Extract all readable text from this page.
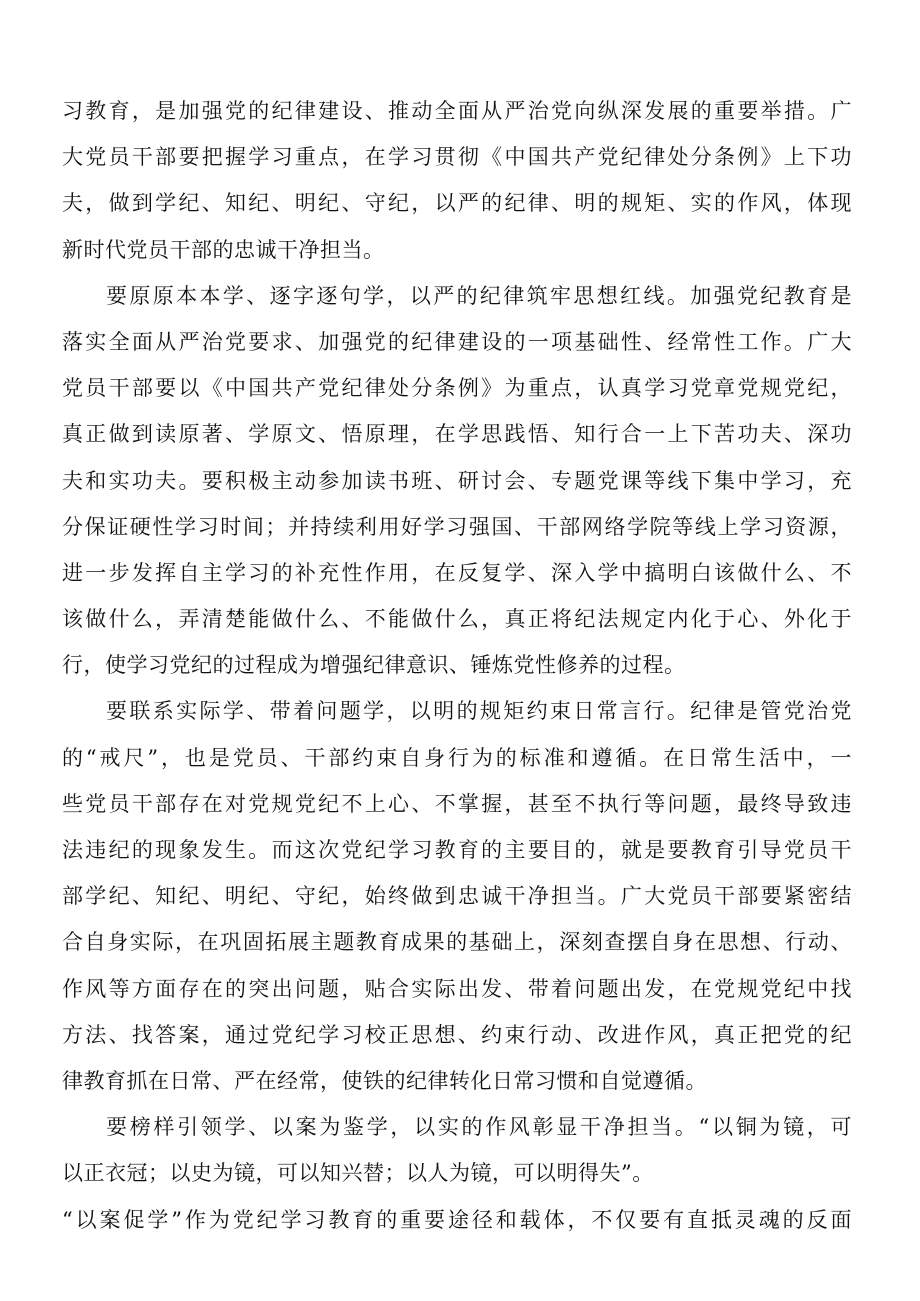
习教育，是加强党的纪律建设、推动全面从严治党向纵深发展的重要举措。广
大党员干部要把握学习重点，在学习贯彻《中国共产党纪律处分条例》上下功
夫，做到学纪、知纪、明纪、守纪，以严的纪律、明的规矩、实的作风，体现
新时代党员干部的忠诚干净担当。
要原原本本学、逐字逐句学，以严的纪律筑牢思想红线。加强党纪教育是
落实全面从严治党要求、加强党的纪律建设的一项基础性、经常性工作。广大
党员干部要以《中国共产党纪律处分条例》为重点，认真学习党章党规党纪，
真正做到读原著、学原文、悟原理，在学思践悟、知行合一上下苦功夫、深功
夫和实功夫。要积极主动参加读书班、研讨会、专题党课等线下集中学习，充
分保证硬性学习时间；并持续利用好学习强国、干部网络学院等线上学习资源，
进一步发挥自主学习的补充性作用，在反复学、深入学中搞明白该做什么、不
该做什么，弄清楚能做什么、不能做什么，真正将纪法规定内化于心、外化于
行，使学习党纪的过程成为增强纪律意识、锤炼党性修养的过程。
要联系实际学、带着问题学，以明的规矩约束日常言行。纪律是管党治党
的“戒尺”，也是党员、干部约束自身行为的标准和遵循。在日常生活中，一
些党员干部存在对党规党纪不上心、不掌握，甚至不执行等问题，最终导致违
法违纪的现象发生。而这次党纪学习教育的主要目的，就是要教育引导党员干
部学纪、知纪、明纪、守纪，始终做到忠诚干净担当。广大党员干部要紧密结
合自身实际，在巩固拓展主题教育成果的基础上，深刻查摆自身在思想、行动、
作风等方面存在的突出问题，贴合实际出发、带着问题出发，在党规党纪中找
方法、找答案，通过党纪学习校正思想、约束行动、改进作风，真正把党的纪
律教育抓在日常、严在经常，使铁的纪律转化日常习惯和自觉遵循。
要榜样引领学、以案为鉴学，以实的作风彰显干净担当。“以铜为镜，可
以正衣冠；以史为镜，可以知兴替；以人为镜，可以明得失”。
“以案促学”作为党纪学习教育的重要途径和载体，不仅要有直抵灵魂的反面
